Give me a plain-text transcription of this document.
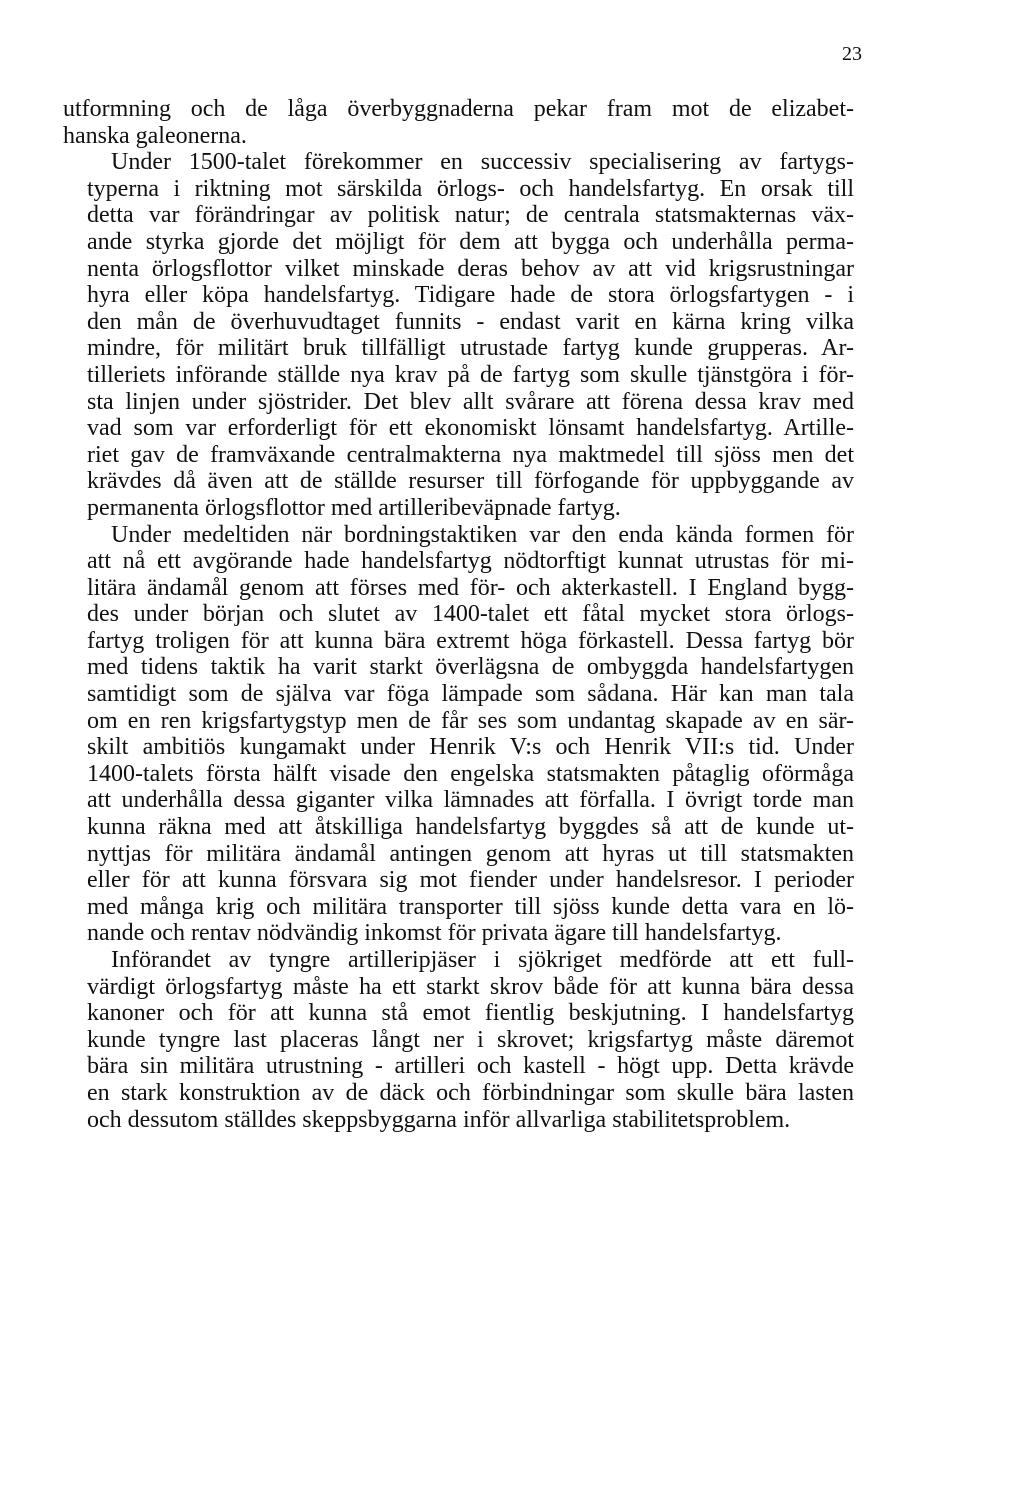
23
utformning och de låga överbyggnaderna pekar fram mot de elizabet-
hanska galeonerna.
Under 1500-talet förekommer en successiv specialisering av fartygs-
typerna i riktning mot särskilda örlogs- och handelsfartyg. En orsak till
detta var förändringar av politisk natur; de centrala statsmakternas väx-
ande styrka gjorde det möjligt för dem att bygga och underhålla perma-
nenta örlogsflottor vilket minskade deras behov av att vid krigsrustningar
hyra eller köpa handelsfartyg. Tidigare hade de stora örlogsfartygen - i
den mån de överhuvudtaget funnits - endast varit en kärna kring vilka
mindre, för militärt bruk tillfälligt utrustade fartyg kunde grupperas. Ar-
tilleriets införande ställde nya krav på de fartyg som skulle tjänstgöra i för-
sta linjen under sjöstrider. Det blev allt svårare att förena dessa krav med
vad som var erforderligt för ett ekonomiskt lönsamt handelsfartyg. Artille-
riet gav de framväxande centralmakterna nya maktmedel till sjöss men det
krävdes då även att de ställde resurser till förfogande för uppbyggande av
permanenta örlogsflottor med artilleribeväpnade fartyg.
Under medeltiden när bordningstaktiken var den enda kända formen för
att nå ett avgörande hade handelsfartyg nödtorftigt kunnat utrustas för mi-
litära ändamål genom att förses med för- och akterkastell. I England bygg-
des under början och slutet av 1400-talet ett fåtal mycket stora örlogs-
fartyg troligen för att kunna bära extremt höga förkastell. Dessa fartyg bör
med tidens taktik ha varit starkt överlägsna de ombyggda handelsfartygen
samtidigt som de själva var föga lämpade som sådana. Här kan man tala
om en ren krigsfartygstyp men de får ses som undantag skapade av en sär-
skilt ambitiös kungamakt under Henrik V:s och Henrik VII:s tid. Under
1400-talets första hälft visade den engelska statsmakten påtaglig oförmåga
att underhålla dessa giganter vilka lämnades att förfalla. I övrigt torde man
kunna räkna med att åtskilliga handelsfartyg byggdes så att de kunde ut-
nyttjas för militära ändamål antingen genom att hyras ut till statsmakten
eller för att kunna försvara sig mot fiender under handelsresor. I perioder
med många krig och militära transporter till sjöss kunde detta vara en lö-
nande och rentav nödvändig inkomst för privata ägare till handelsfartyg.
Införandet av tyngre artilleripjäser i sjökriget medförde att ett full-
värdigt örlogsfartyg måste ha ett starkt skrov både för att kunna bära dessa
kanoner och för att kunna stå emot fientlig beskjutning. I handelsfartyg
kunde tyngre last placeras långt ner i skrovet; krigsfartyg måste däremot
bära sin militära utrustning - artilleri och kastell - högt upp. Detta krävde
en stark konstruktion av de däck och förbindningar som skulle bära lasten
och dessutom ställdes skeppsbyggarna inför allvarliga stabilitetsproblem.
